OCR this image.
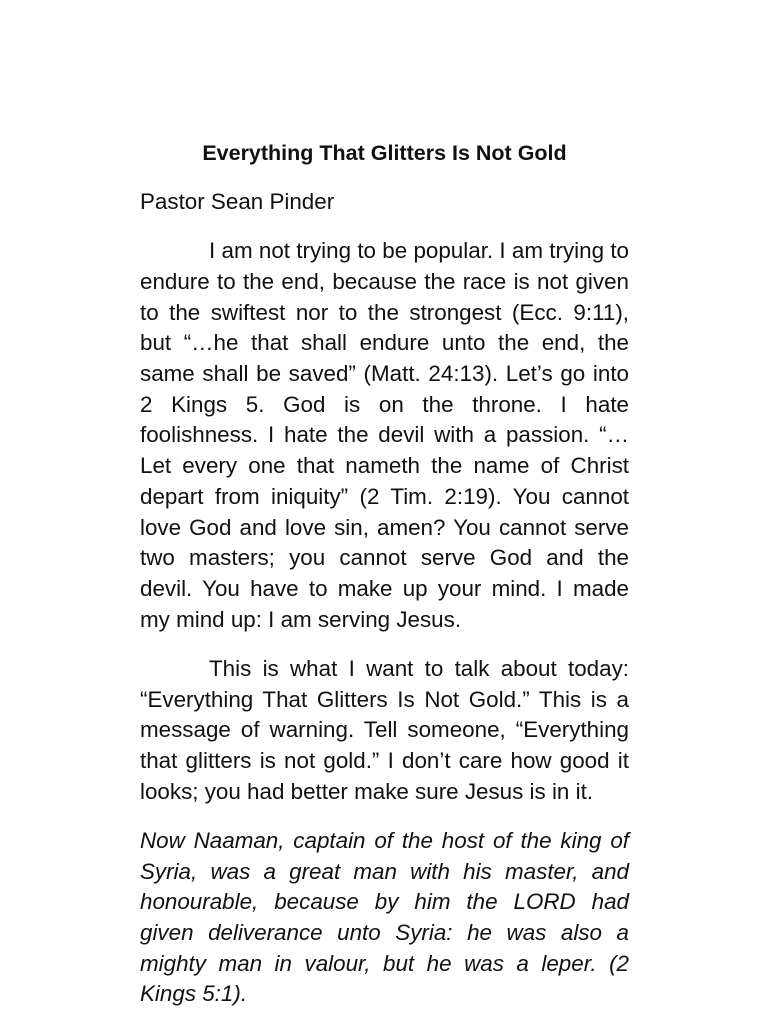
Everything That Glitters Is Not Gold
Pastor Sean Pinder

I am not trying to be popular. I am trying to endure to the end, because the race is not given to the swiftest nor to the strongest (Ecc. 9:11), but “…he that shall endure unto the end, the same shall be saved” (Matt. 24:13). Let’s go into 2 Kings 5. God is on the throne. I hate foolishness. I hate the devil with a passion. “…Let every one that nameth the name of Christ depart from iniquity” (2 Tim. 2:19). You cannot love God and love sin, amen? You cannot serve two masters; you cannot serve God and the devil. You have to make up your mind. I made my mind up: I am serving Jesus.

This is what I want to talk about today: “Everything That Glitters Is Not Gold.” This is a message of warning. Tell someone, “Everything that glitters is not gold.” I don’t care how good it looks; you had better make sure Jesus is in it.

Now Naaman, captain of the host of the king of Syria, was a great man with his master, and honourable, because by him the LORD had given deliverance unto Syria: he was also a mighty man in valour, but he was a leper. (2 Kings 5:1).
